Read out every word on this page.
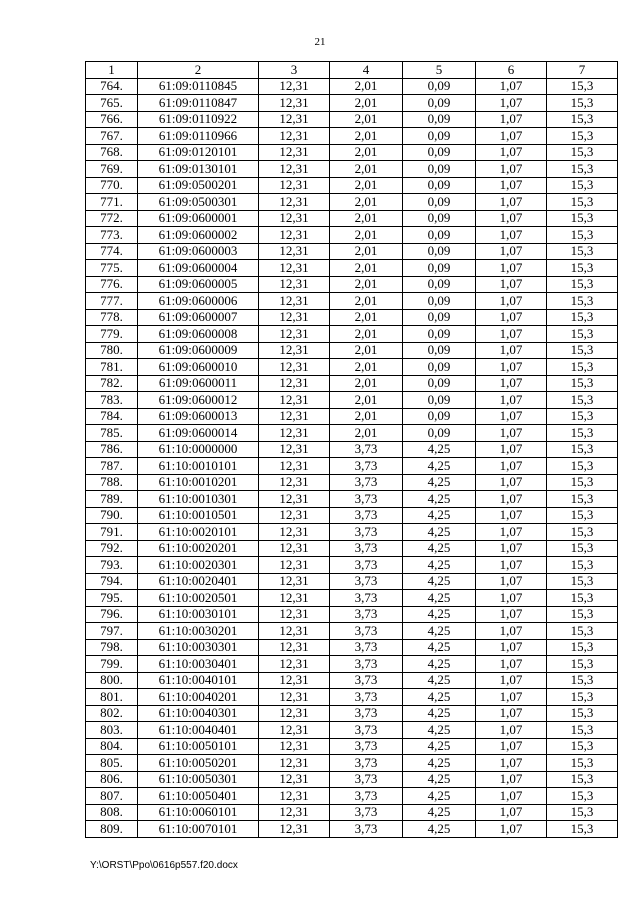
21
1	2	3	4	5	6	7
764.	61:09:0110845	12,31	2,01	0,09	1,07	15,3
765.	61:09:0110847	12,31	2,01	0,09	1,07	15,3
766.	61:09:0110922	12,31	2,01	0,09	1,07	15,3
767.	61:09:0110966	12,31	2,01	0,09	1,07	15,3
768.	61:09:0120101	12,31	2,01	0,09	1,07	15,3
769.	61:09:0130101	12,31	2,01	0,09	1,07	15,3
770.	61:09:0500201	12,31	2,01	0,09	1,07	15,3
771.	61:09:0500301	12,31	2,01	0,09	1,07	15,3
772.	61:09:0600001	12,31	2,01	0,09	1,07	15,3
773.	61:09:0600002	12,31	2,01	0,09	1,07	15,3
774.	61:09:0600003	12,31	2,01	0,09	1,07	15,3
775.	61:09:0600004	12,31	2,01	0,09	1,07	15,3
776.	61:09:0600005	12,31	2,01	0,09	1,07	15,3
777.	61:09:0600006	12,31	2,01	0,09	1,07	15,3
778.	61:09:0600007	12,31	2,01	0,09	1,07	15,3
779.	61:09:0600008	12,31	2,01	0,09	1,07	15,3
780.	61:09:0600009	12,31	2,01	0,09	1,07	15,3
781.	61:09:0600010	12,31	2,01	0,09	1,07	15,3
782.	61:09:0600011	12,31	2,01	0,09	1,07	15,3
783.	61:09:0600012	12,31	2,01	0,09	1,07	15,3
784.	61:09:0600013	12,31	2,01	0,09	1,07	15,3
785.	61:09:0600014	12,31	2,01	0,09	1,07	15,3
786.	61:10:0000000	12,31	3,73	4,25	1,07	15,3
787.	61:10:0010101	12,31	3,73	4,25	1,07	15,3
788.	61:10:0010201	12,31	3,73	4,25	1,07	15,3
789.	61:10:0010301	12,31	3,73	4,25	1,07	15,3
790.	61:10:0010501	12,31	3,73	4,25	1,07	15,3
791.	61:10:0020101	12,31	3,73	4,25	1,07	15,3
792.	61:10:0020201	12,31	3,73	4,25	1,07	15,3
793.	61:10:0020301	12,31	3,73	4,25	1,07	15,3
794.	61:10:0020401	12,31	3,73	4,25	1,07	15,3
795.	61:10:0020501	12,31	3,73	4,25	1,07	15,3
796.	61:10:0030101	12,31	3,73	4,25	1,07	15,3
797.	61:10:0030201	12,31	3,73	4,25	1,07	15,3
798.	61:10:0030301	12,31	3,73	4,25	1,07	15,3
799.	61:10:0030401	12,31	3,73	4,25	1,07	15,3
800.	61:10:0040101	12,31	3,73	4,25	1,07	15,3
801.	61:10:0040201	12,31	3,73	4,25	1,07	15,3
802.	61:10:0040301	12,31	3,73	4,25	1,07	15,3
803.	61:10:0040401	12,31	3,73	4,25	1,07	15,3
804.	61:10:0050101	12,31	3,73	4,25	1,07	15,3
805.	61:10:0050201	12,31	3,73	4,25	1,07	15,3
806.	61:10:0050301	12,31	3,73	4,25	1,07	15,3
807.	61:10:0050401	12,31	3,73	4,25	1,07	15,3
808.	61:10:0060101	12,31	3,73	4,25	1,07	15,3
809.	61:10:0070101	12,31	3,73	4,25	1,07	15,3
Y:\ORST\Ppo\0616p557.f20.docx
